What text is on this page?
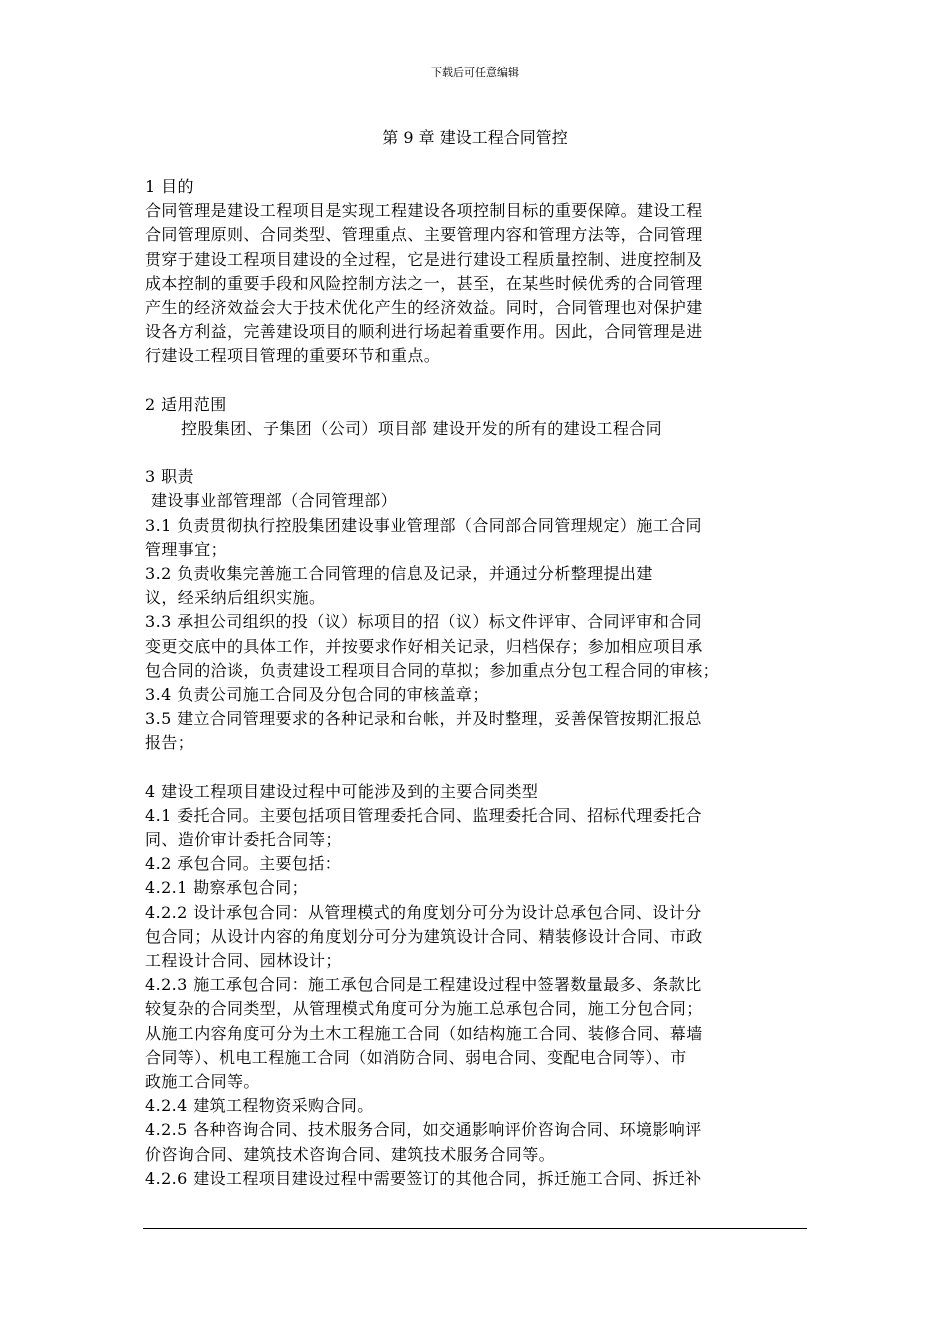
下载后可任意编辑
第 9 章 建设工程合同管控
1 目的
合同管理是建设工程项目是实现工程建设各项控制目标的重要保障。建设工程
合同管理原则、合同类型、管理重点、主要管理内容和管理方法等，合同管理
贯穿于建设工程项目建设的全过程，它是进行建设工程质量控制、进度控制及
成本控制的重要手段和风险控制方法之一，甚至，在某些时候优秀的合同管理
产生的经济效益会大于技术优化产生的经济效益。同时，合同管理也对保护建
设各方利益，完善建设项目的顺利进行场起着重要作用。因此，合同管理是进
行建设工程项目管理的重要环节和重点。
2 适用范围
控股集团、子集团（公司）项目部 建设开发的所有的建设工程合同
3 职责
建设事业部管理部（合同管理部）
3.1 负责贯彻执行控股集团建设事业管理部（合同部合同管理规定）施工合同
管理事宜；
3.2 负责收集完善施工合同管理的信息及记录，并通过分析整理提出建
议，经采纳后组织实施。
3.3 承担公司组织的投（议）标项目的招（议）标文件评审、合同评审和合同
变更交底中的具体工作，并按要求作好相关记录，归档保存；参加相应项目承
包合同的洽谈，负责建设工程项目合同的草拟；参加重点分包工程合同的审核；
3.4 负责公司施工合同及分包合同的审核盖章；
3.5 建立合同管理要求的各种记录和台帐，并及时整理，妥善保管按期汇报总
报告；
4 建设工程项目建设过程中可能涉及到的主要合同类型
4.1 委托合同。主要包括项目管理委托合同、监理委托合同、招标代理委托合
同、造价审计委托合同等；
4.2 承包合同。主要包括：
4.2.1 勘察承包合同；
4.2.2 设计承包合同：从管理模式的角度划分可分为设计总承包合同、设计分
包合同；从设计内容的角度划分可分为建筑设计合同、精装修设计合同、市政
工程设计合同、园林设计；
4.2.3 施工承包合同：施工承包合同是工程建设过程中签署数量最多、条款比
较复杂的合同类型，从管理模式角度可分为施工总承包合同，施工分包合同；
从施工内容角度可分为土木工程施工合同（如结构施工合同、装修合同、幕墙
合同等）、机电工程施工合同（如消防合同、弱电合同、变配电合同等）、市
政施工合同等。
4.2.4 建筑工程物资采购合同。
4.2.5 各种咨询合同、技术服务合同，如交通影响评价咨询合同、环境影响评
价咨询合同、建筑技术咨询合同、建筑技术服务合同等。
4.2.6 建设工程项目建设过程中需要签订的其他合同，拆迁施工合同、拆迁补
